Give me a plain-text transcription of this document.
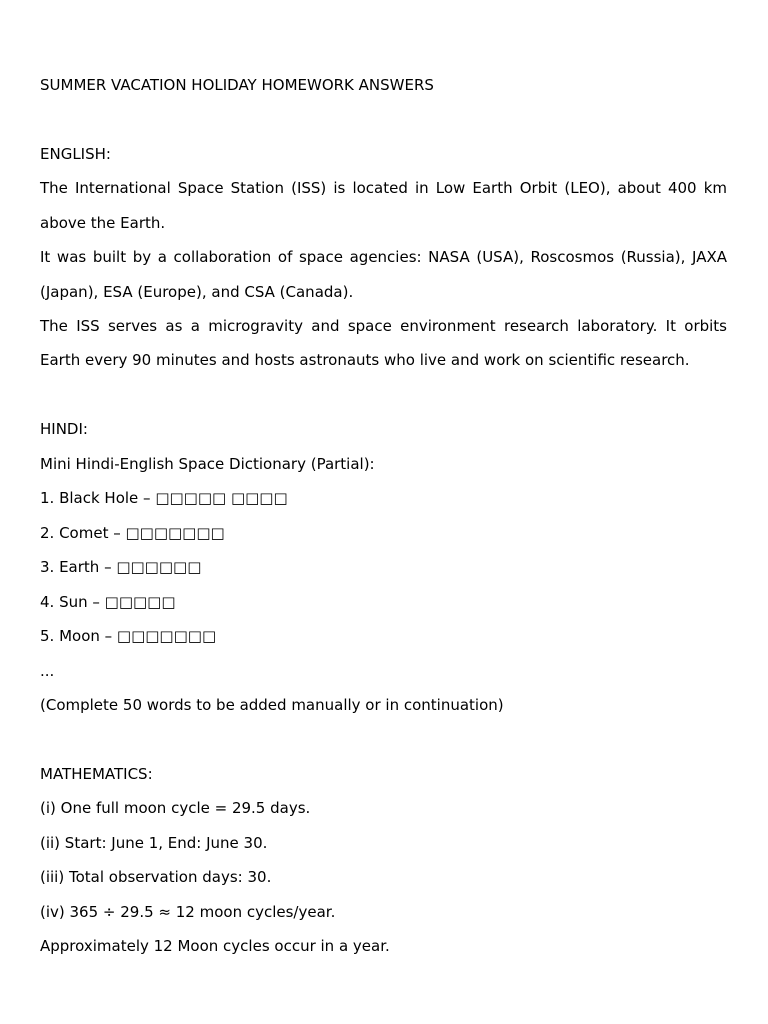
SUMMER VACATION HOLIDAY HOMEWORK ANSWERS
ENGLISH:
The International Space Station (ISS) is located in Low Earth Orbit (LEO), about 400 km
above the Earth.
It was built by a collaboration of space agencies: NASA (USA), Roscosmos (Russia), JAXA
(Japan), ESA (Europe), and CSA (Canada).
The ISS serves as a microgravity and space environment research laboratory. It orbits
Earth every 90 minutes and hosts astronauts who live and work on scientific research.
HINDI:
Mini Hindi-English Space Dictionary (Partial):
1. Black Hole – □□□□□ □□□□
2. Comet – □□□□□□□
3. Earth – □□□□□□
4. Sun – □□□□□
5. Moon – □□□□□□□
...
(Complete 50 words to be added manually or in continuation)
MATHEMATICS:
(i) One full moon cycle = 29.5 days.
(ii) Start: June 1, End: June 30.
(iii) Total observation days: 30.
(iv) 365 ÷ 29.5 ≈ 12 moon cycles/year.
Approximately 12 Moon cycles occur in a year.
